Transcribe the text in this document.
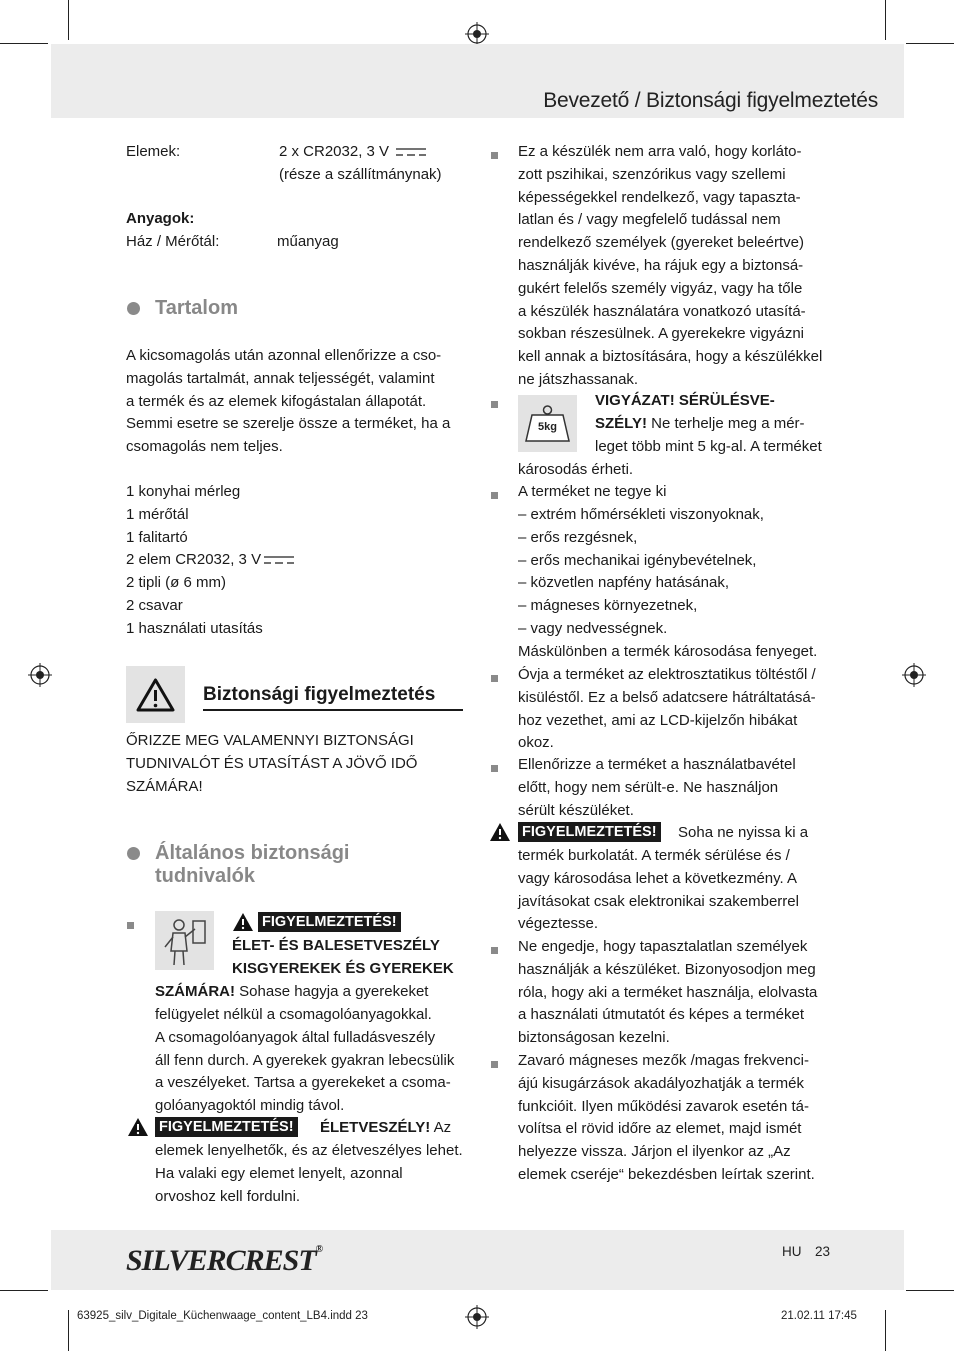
Bevezető / Biztonsági figyelmeztetés
Elemek:	2 x CR2032, 3 V
(része a szállítmánynak)
Anyagok:
Ház / Mérőtál:	műanyag
Tartalom
A kicsomagolás után azonnal ellenőrizze a cso-
magolás tartalmát, annak teljességét, valamint
a termék és az elemek kifogástalan állapotát.
Semmi esetre se szerelje össze a terméket, ha a
csomagolás nem teljes.
1 konyhai mérleg
1 mérőtál
1 falitartó
2 elem CR2032, 3 V
2 tipli (ø 6 mm)
2 csavar
1 használati utasítás
Biztonsági figyelmeztetés
ŐRIZZE MEG VALAMENNYI BIZTONSÁGI
TUDNIVALÓT ÉS UTASÍTÁST A JÖVŐ IDŐ
SZÁMÁRA!
Általános biztonsági
tudnivalók
FIGYELMEZTETÉS!
ÉLET- ÉS BALESETVESZÉLY
KISGYEREKEK ÉS GYEREKEK
SZÁMÁRA! Sohase hagyja a gyerekeket
felügyelet nélkül a csomagolóanyagokkal.
A csomagolóanyagok által fulladásveszély
áll fenn durch. A gyerekek gyakran lebecsülik
a veszélyeket. Tartsa a gyerekeket a csoma-
golóanyagoktól mindig távol.
FIGYELMEZTETÉS! ÉLETVESZÉLY! Az
elemek lenyelhetők, és az életveszélyes lehet.
Ha valaki egy elemet lenyelt, azonnal
orvoshoz kell fordulni.
Ez a készülék nem arra való, hogy korláto-
zott pszihikai, szenzórikus vagy szellemi
képességekkel rendelkező, vagy tapaszta-
latlan és / vagy megfelelő tudással nem
rendelkező személyek (gyereket beleértve)
használják kivéve, ha rájuk egy a biztonsá-
gukért felelős személy vigyáz, vagy ha tőle
a készülék használatára vonatkozó utasítá-
sokban részesülnek. A gyerekekre vigyázni
kell annak a biztosítására, hogy a készülékkel
ne játszhassanak.
VIGYÁZAT! SÉRÜLÉSVE-
SZÉLY! Ne terhelje meg a mér-
leget több mint 5 kg-al. A terméket
károsodás érheti.
A terméket ne tegye ki
– extrém hőmérsékleti viszonyoknak,
– erős rezgésnek,
– erős mechanikai igénybevételnek,
– közvetlen napfény hatásának,
– mágneses környezetnek,
– vagy nedvességnek.
Máskülönben a termék károsodása fenyeget.
Óvja a terméket az elektrosztatikus töltéstől /
kisüléstől. Ez a belső adatcsere hátráltatásá-
hoz vezethet, ami az LCD-kijelzőn hibákat
okoz.
Ellenőrizze a terméket a használatbavétel
előtt, hogy nem sérült-e. Ne használjon
sérült készüléket.
FIGYELMEZTETÉS! Soha ne nyissa ki a
termék burkolatát. A termék sérülése és /
vagy károsodása lehet a következmény. A
javításokat csak elektronikai szakemberrel
végeztesse.
Ne engedje, hogy tapasztalatlan személyek
használják a készüléket. Bizonyosodjon meg
róla, hogy aki a terméket használja, elolvasta
a használati útmutatót és képes a terméket
biztonságosan kezelni.
Zavaró mágneses mezők /magas frekvenci-
ájú kisugárzások akadályozhatják a termék
funkcióit. Ilyen működési zavarok esetén tá-
volítsa el rövid időre az elemet, majd ismét
helyezze vissza. Járjon el ilyenkor az „Az
elemek cseréje“ bekezdésben leírtak szerint.
5kg
SILVERCREST®	HU 23
63925_silv_Digitale_Küchenwaage_content_LB4.indd 23	21.02.11 17:45
